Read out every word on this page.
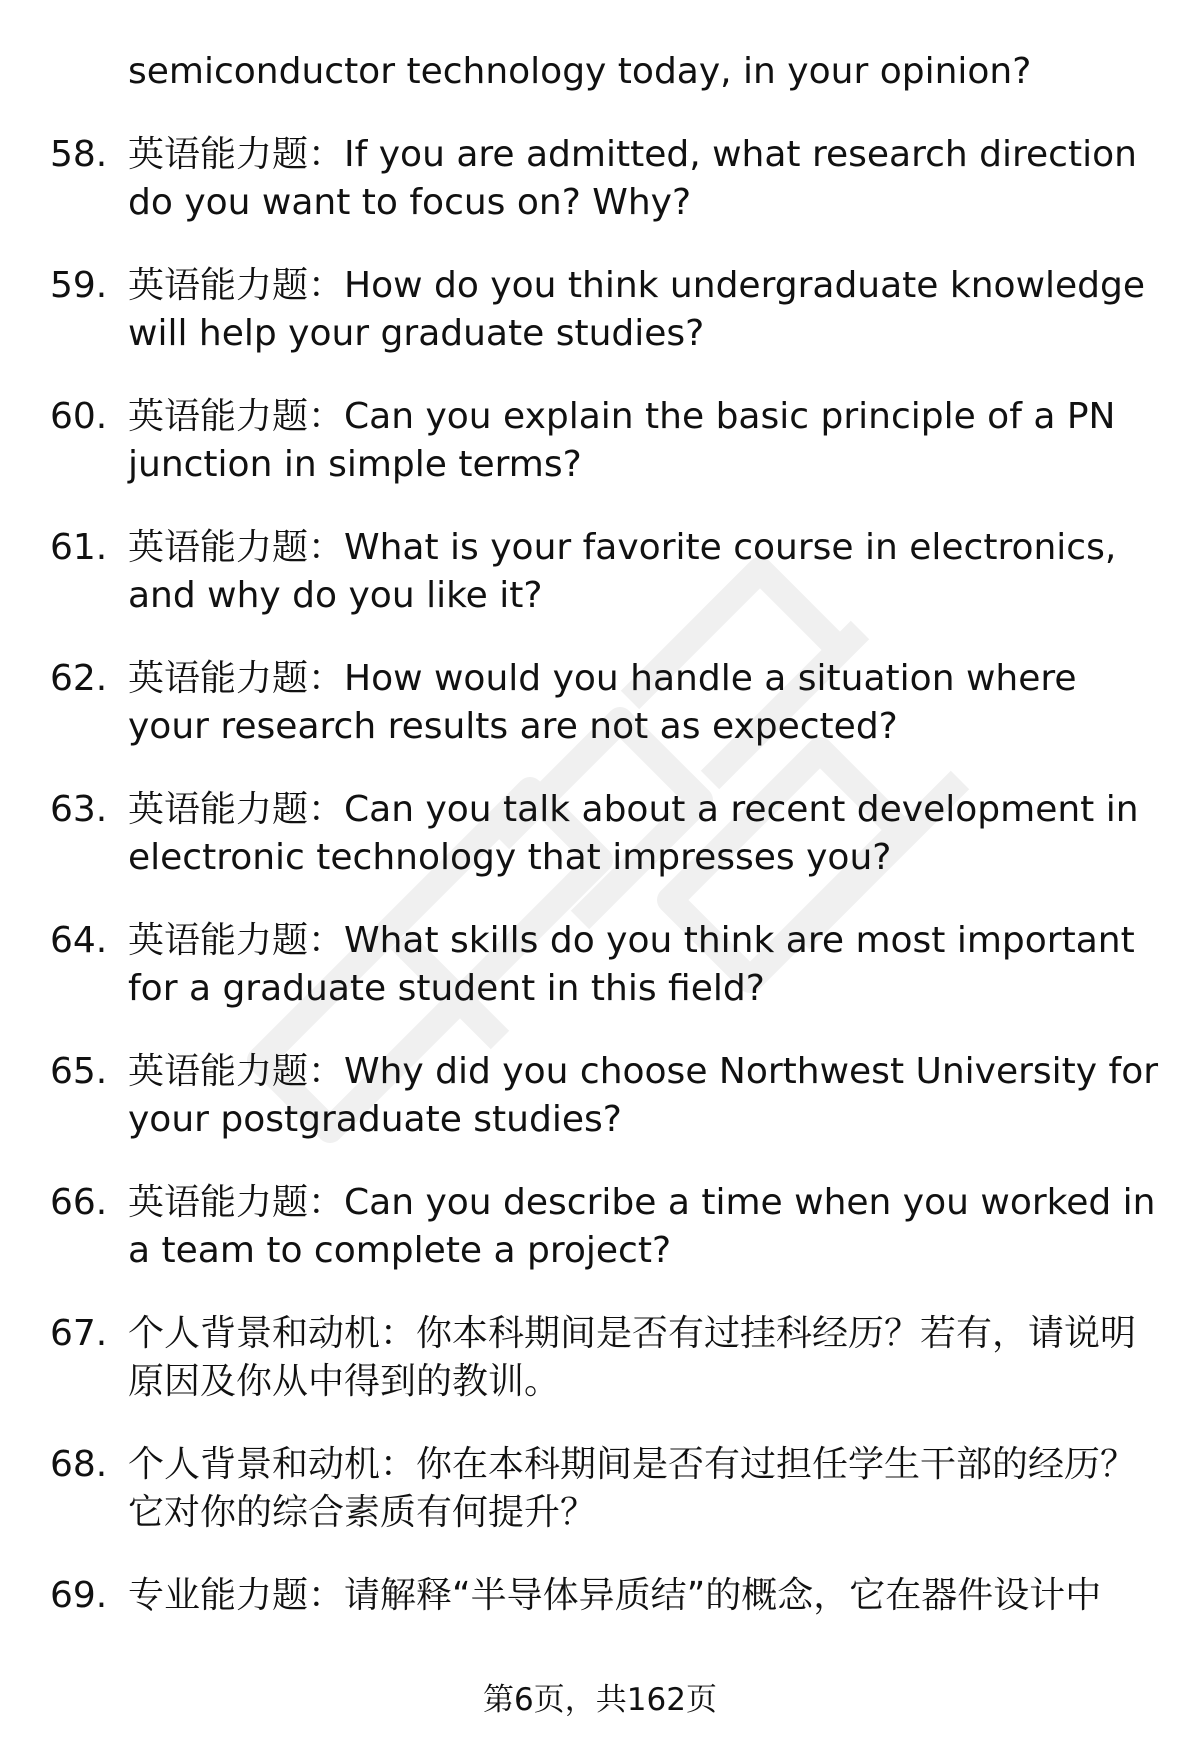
semiconductor technology today, in your opinion?
58. 英语能力题：If you are admitted, what research direction do you want to focus on? Why?
59. 英语能力题：How do you think undergraduate knowledge will help your graduate studies?
60. 英语能力题：Can you explain the basic principle of a PN junction in simple terms?
61. 英语能力题：What is your favorite course in electronics, and why do you like it?
62. 英语能力题：How would you handle a situation where your research results are not as expected?
63. 英语能力题：Can you talk about a recent development in electronic technology that impresses you?
64. 英语能力题：What skills do you think are most important for a graduate student in this field?
65. 英语能力题：Why did you choose Northwest University for your postgraduate studies?
66. 英语能力题：Can you describe a time when you worked in a team to complete a project?
67. 个人背景和动机：你本科期间是否有过挂科经历？若有，请说明原因及你从中得到的教训。
68. 个人背景和动机：你在本科期间是否有过担任学生干部的经历？它对你的综合素质有何提升？
69. 专业能力题：请解释“半导体异质结”的概念，它在器件设计中
第6页，共162页
